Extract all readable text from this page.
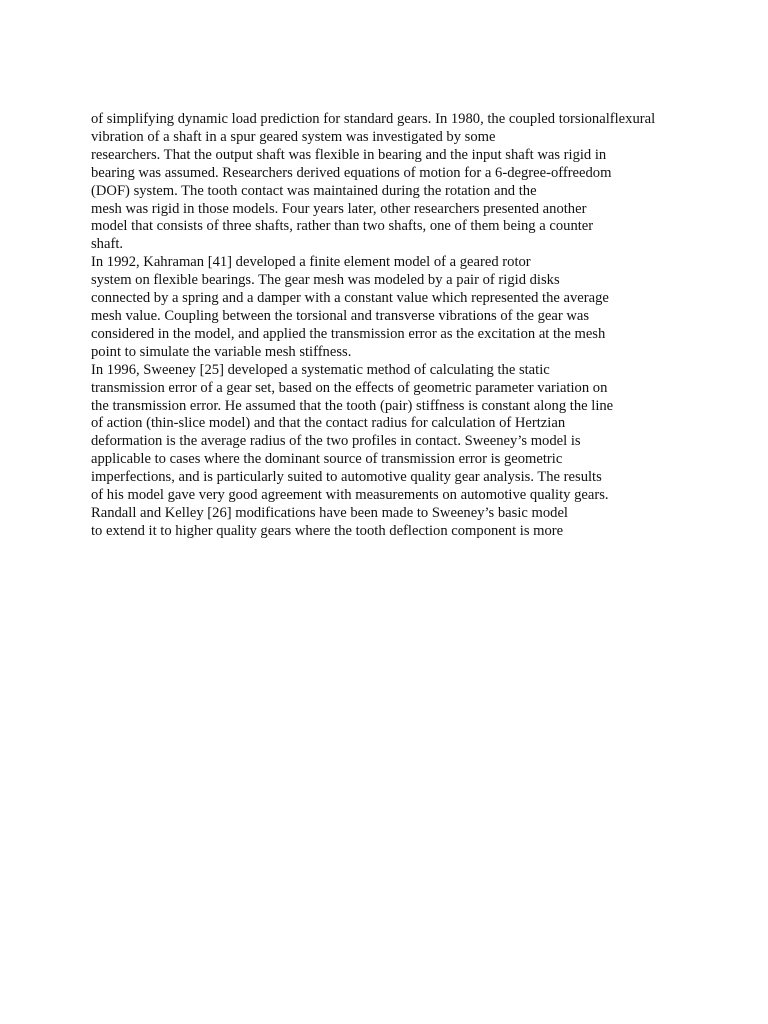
of simplifying dynamic load prediction for standard gears. In 1980, the coupled torsionalflexural
vibration of a shaft in a spur geared system was investigated by some
researchers. That the output shaft was flexible in bearing and the input shaft was rigid in
bearing was assumed. Researchers derived equations of motion for a 6-degree-offreedom
(DOF) system. The tooth contact was maintained during the rotation and the
mesh was rigid in those models. Four years later, other researchers presented another
model that consists of three shafts, rather than two shafts, one of them being a counter
shaft.
In 1992, Kahraman [41] developed a finite element model of a geared rotor
system on flexible bearings. The gear mesh was modeled by a pair of rigid disks
connected by a spring and a damper with a constant value which represented the average
mesh value. Coupling between the torsional and transverse vibrations of the gear was
considered in the model, and applied the transmission error as the excitation at the mesh
point to simulate the variable mesh stiffness.
In 1996, Sweeney [25] developed a systematic method of calculating the static
transmission error of a gear set, based on the effects of geometric parameter variation on
the transmission error. He assumed that the tooth (pair) stiffness is constant along the line
of action (thin-slice model) and that the contact radius for calculation of Hertzian
deformation is the average radius of the two profiles in contact. Sweeney’s model is
applicable to cases where the dominant source of transmission error is geometric
imperfections, and is particularly suited to automotive quality gear analysis. The results
of his model gave very good agreement with measurements on automotive quality gears.
Randall and Kelley [26] modifications have been made to Sweeney’s basic model
to extend it to higher quality gears where the tooth deflection component is more
